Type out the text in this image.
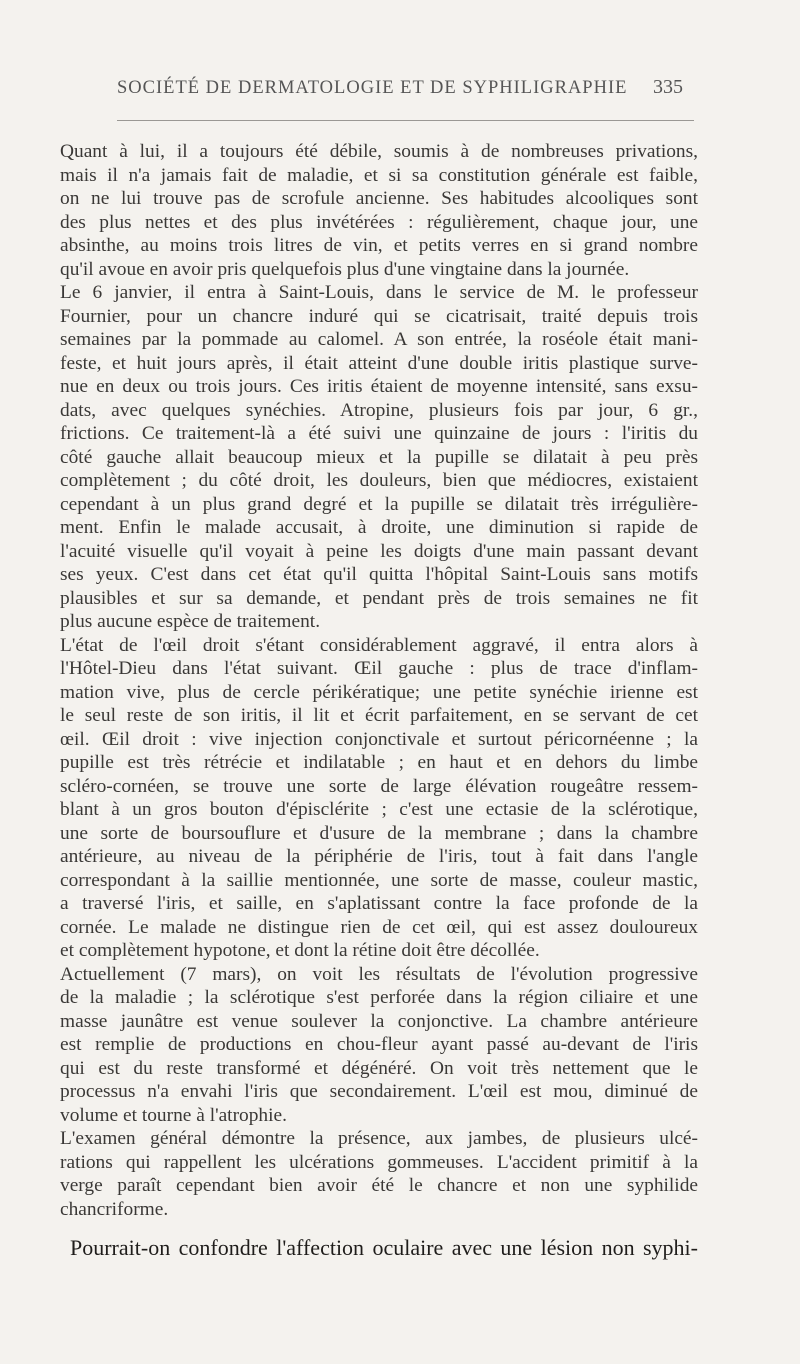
SOCIÉTÉ DE DERMATOLOGIE ET DE SYPHILIGRAPHIE 335
Quant à lui, il a toujours été débile, soumis à de nombreuses privations,
mais il n'a jamais fait de maladie, et si sa constitution générale est faible,
on ne lui trouve pas de scrofule ancienne. Ses habitudes alcooliques sont
des plus nettes et des plus invétérées : régulièrement, chaque jour, une
absinthe, au moins trois litres de vin, et petits verres en si grand nombre
qu'il avoue en avoir pris quelquefois plus d'une vingtaine dans la journée.
Le 6 janvier, il entra à Saint-Louis, dans le service de M. le professeur
Fournier, pour un chancre induré qui se cicatrisait, traité depuis trois
semaines par la pommade au calomel. A son entrée, la roséole était mani-
feste, et huit jours après, il était atteint d'une double iritis plastique surve-
nue en deux ou trois jours. Ces iritis étaient de moyenne intensité, sans exsu-
dats, avec quelques synéchies. Atropine, plusieurs fois par jour, 6 gr.,
frictions. Ce traitement-là a été suivi une quinzaine de jours : l'iritis du
côté gauche allait beaucoup mieux et la pupille se dilatait à peu près
complètement ; du côté droit, les douleurs, bien que médiocres, existaient
cependant à un plus grand degré et la pupille se dilatait très irrégulière-
ment. Enfin le malade accusait, à droite, une diminution si rapide de
l'acuité visuelle qu'il voyait à peine les doigts d'une main passant devant
ses yeux. C'est dans cet état qu'il quitta l'hôpital Saint-Louis sans motifs
plausibles et sur sa demande, et pendant près de trois semaines ne fit
plus aucune espèce de traitement.
L'état de l'œil droit s'étant considérablement aggravé, il entra alors à
l'Hôtel-Dieu dans l'état suivant. Œil gauche : plus de trace d'inflam-
mation vive, plus de cercle périkératique; une petite synéchie irienne est
le seul reste de son iritis, il lit et écrit parfaitement, en se servant de cet
œil. Œil droit : vive injection conjonctivale et surtout péricornéenne ; la
pupille est très rétrécie et indilatable ; en haut et en dehors du limbe
scléro-cornéen, se trouve une sorte de large élévation rougeâtre ressem-
blant à un gros bouton d'épisclérite ; c'est une ectasie de la sclérotique,
une sorte de boursouflure et d'usure de la membrane ; dans la chambre
antérieure, au niveau de la périphérie de l'iris, tout à fait dans l'angle
correspondant à la saillie mentionnée, une sorte de masse, couleur mastic,
a traversé l'iris, et saille, en s'aplatissant contre la face profonde de la
cornée. Le malade ne distingue rien de cet œil, qui est assez douloureux
et complètement hypotone, et dont la rétine doit être décollée.
Actuellement (7 mars), on voit les résultats de l'évolution progressive
de la maladie ; la sclérotique s'est perforée dans la région ciliaire et une
masse jaunâtre est venue soulever la conjonctive. La chambre antérieure
est remplie de productions en chou-fleur ayant passé au-devant de l'iris
qui est du reste transformé et dégénéré. On voit très nettement que le
processus n'a envahi l'iris que secondairement. L'œil est mou, diminué de
volume et tourne à l'atrophie.
L'examen général démontre la présence, aux jambes, de plusieurs ulcé-
rations qui rappellent les ulcérations gommeuses. L'accident primitif à la
verge paraît cependant bien avoir été le chancre et non une syphilide
chancriforme.
Pourrait-on confondre l'affection oculaire avec une lésion non syphi-
